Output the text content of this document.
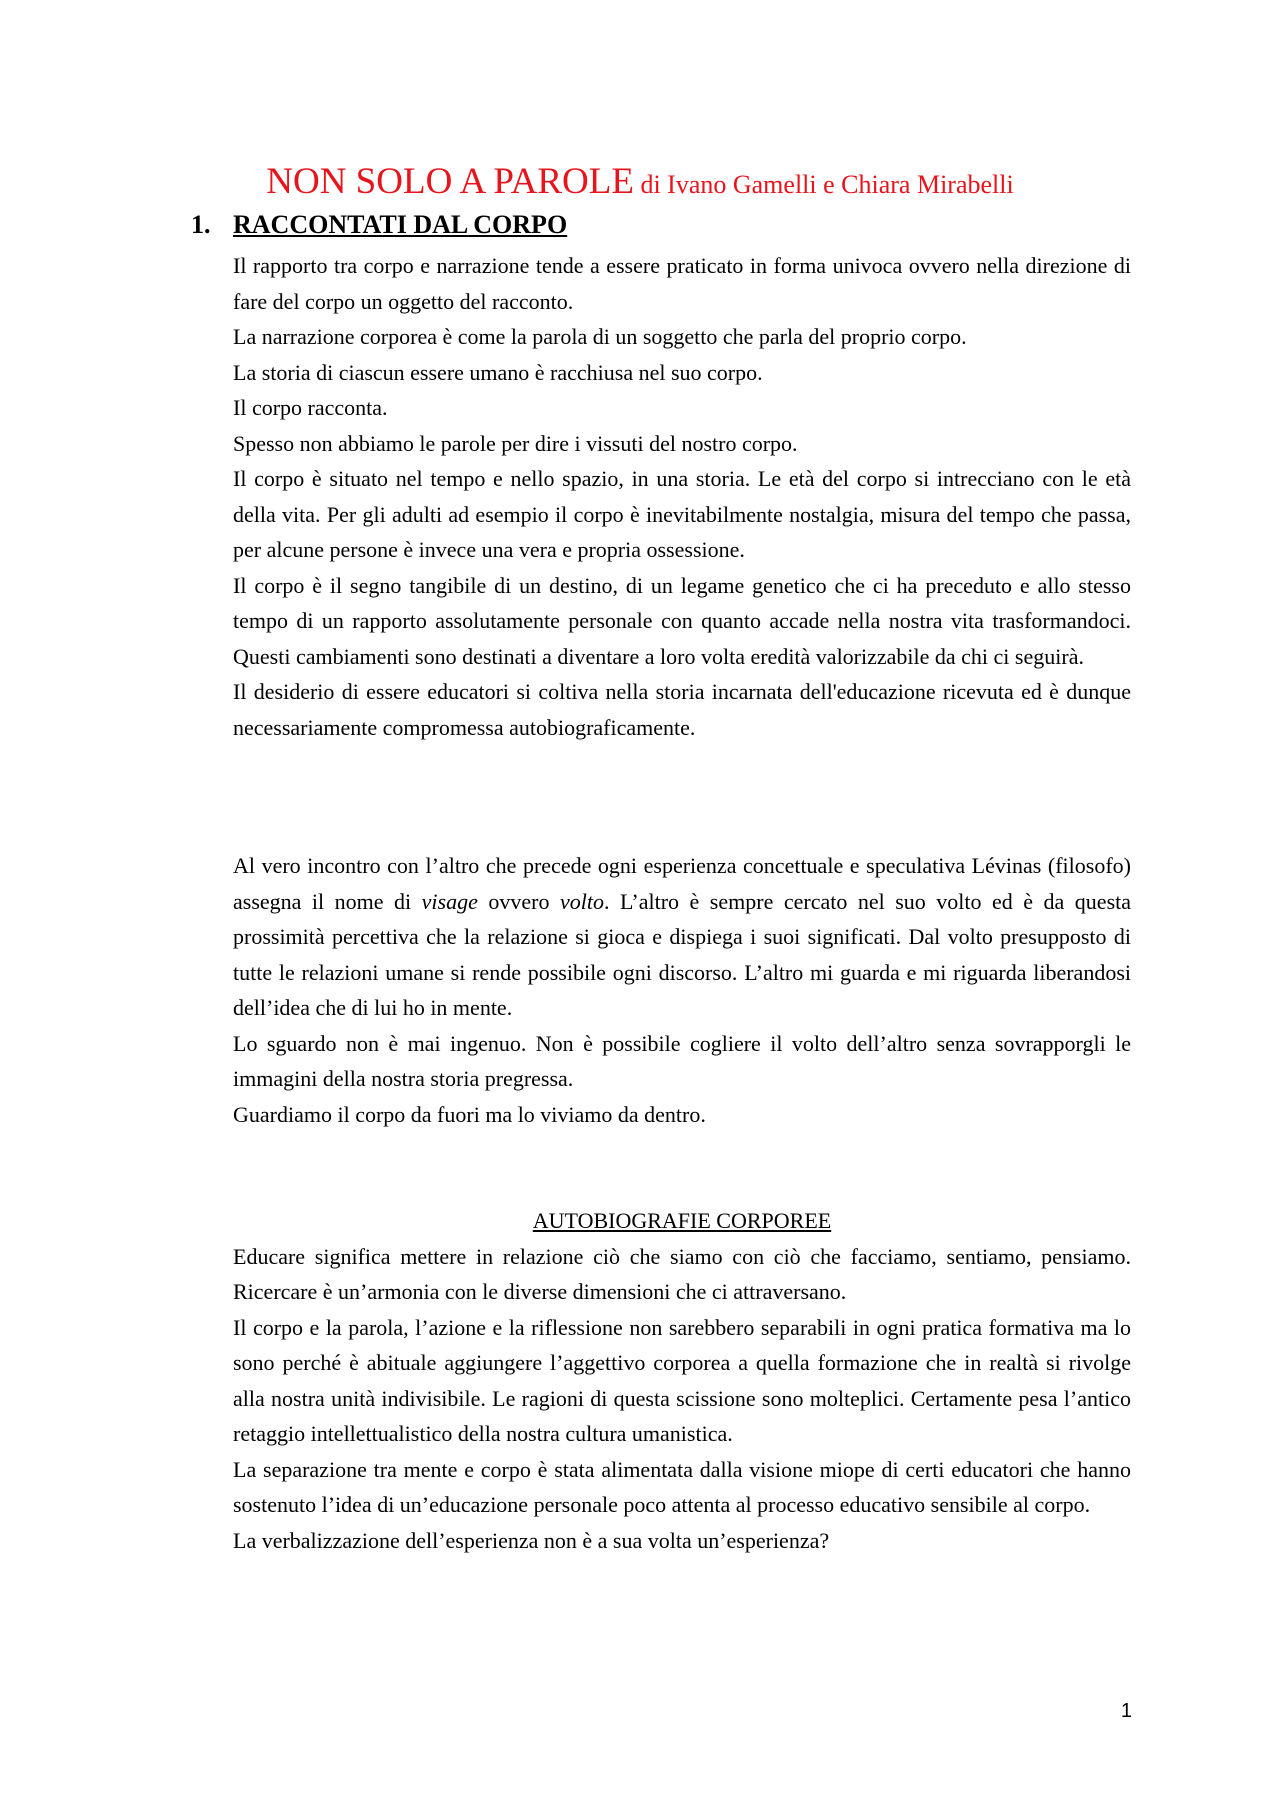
NON SOLO A PAROLE di Ivano Gamelli e Chiara Mirabelli
1. RACCONTATI DAL CORPO

Il rapporto tra corpo e narrazione tende a essere praticato in forma univoca ovvero nella direzione di fare del corpo un oggetto del racconto.

La narrazione corporea è come la parola di un soggetto che parla del proprio corpo.

La storia di ciascun essere umano è racchiusa nel suo corpo.

Il corpo racconta.

Spesso non abbiamo le parole per dire i vissuti del nostro corpo.

Il corpo è situato nel tempo e nello spazio, in una storia. Le età del corpo si intrecciano con le età della vita. Per gli adulti ad esempio il corpo è inevitabilmente nostalgia, misura del tempo che passa, per alcune persone è invece una vera e propria ossessione.

Il corpo è il segno tangibile di un destino, di un legame genetico che ci ha preceduto e allo stesso tempo di un rapporto assolutamente personale con quanto accade nella nostra vita trasformandoci. Questi cambiamenti sono destinati a diventare a loro volta eredità valorizzabile da chi ci seguirà.

Il desiderio di essere educatori si coltiva nella storia incarnata dell'educazione ricevuta ed è dunque necessariamente compromessa autobiograficamente.

Al vero incontro con l’altro che precede ogni esperienza concettuale e speculativa Lévinas (filosofo) assegna il nome di visage ovvero volto. L’altro è sempre cercato nel suo volto ed è da questa prossimità percettiva che la relazione si gioca e dispiega i suoi significati. Dal volto presupposto di tutte le relazioni umane si rende possibile ogni discorso. L’altro mi guarda e mi riguarda liberandosi dell’idea che di lui ho in mente.

Lo sguardo non è mai ingenuo. Non è possibile cogliere il volto dell’altro senza sovrapporgli le immagini della nostra storia pregressa.

Guardiamo il corpo da fuori ma lo viviamo da dentro.

AUTOBIOGRAFIE CORPOREE

Educare significa mettere in relazione ciò che siamo con ciò che facciamo, sentiamo, pensiamo. Ricercare è un’armonia con le diverse dimensioni che ci attraversano.

Il corpo e la parola, l’azione e la riflessione non sarebbero separabili in ogni pratica formativa ma lo sono perché è abituale aggiungere l’aggettivo corporea a quella formazione che in realtà si rivolge alla nostra unità indivisibile. Le ragioni di questa scissione sono molteplici. Certamente pesa l’antico retaggio intellettualistico della nostra cultura umanistica.

La separazione tra mente e corpo è stata alimentata dalla visione miope di certi educatori che hanno sostenuto l’idea di un’educazione personale poco attenta al processo educativo sensibile al corpo.

La verbalizzazione dell’esperienza non è a sua volta un’esperienza?

1
